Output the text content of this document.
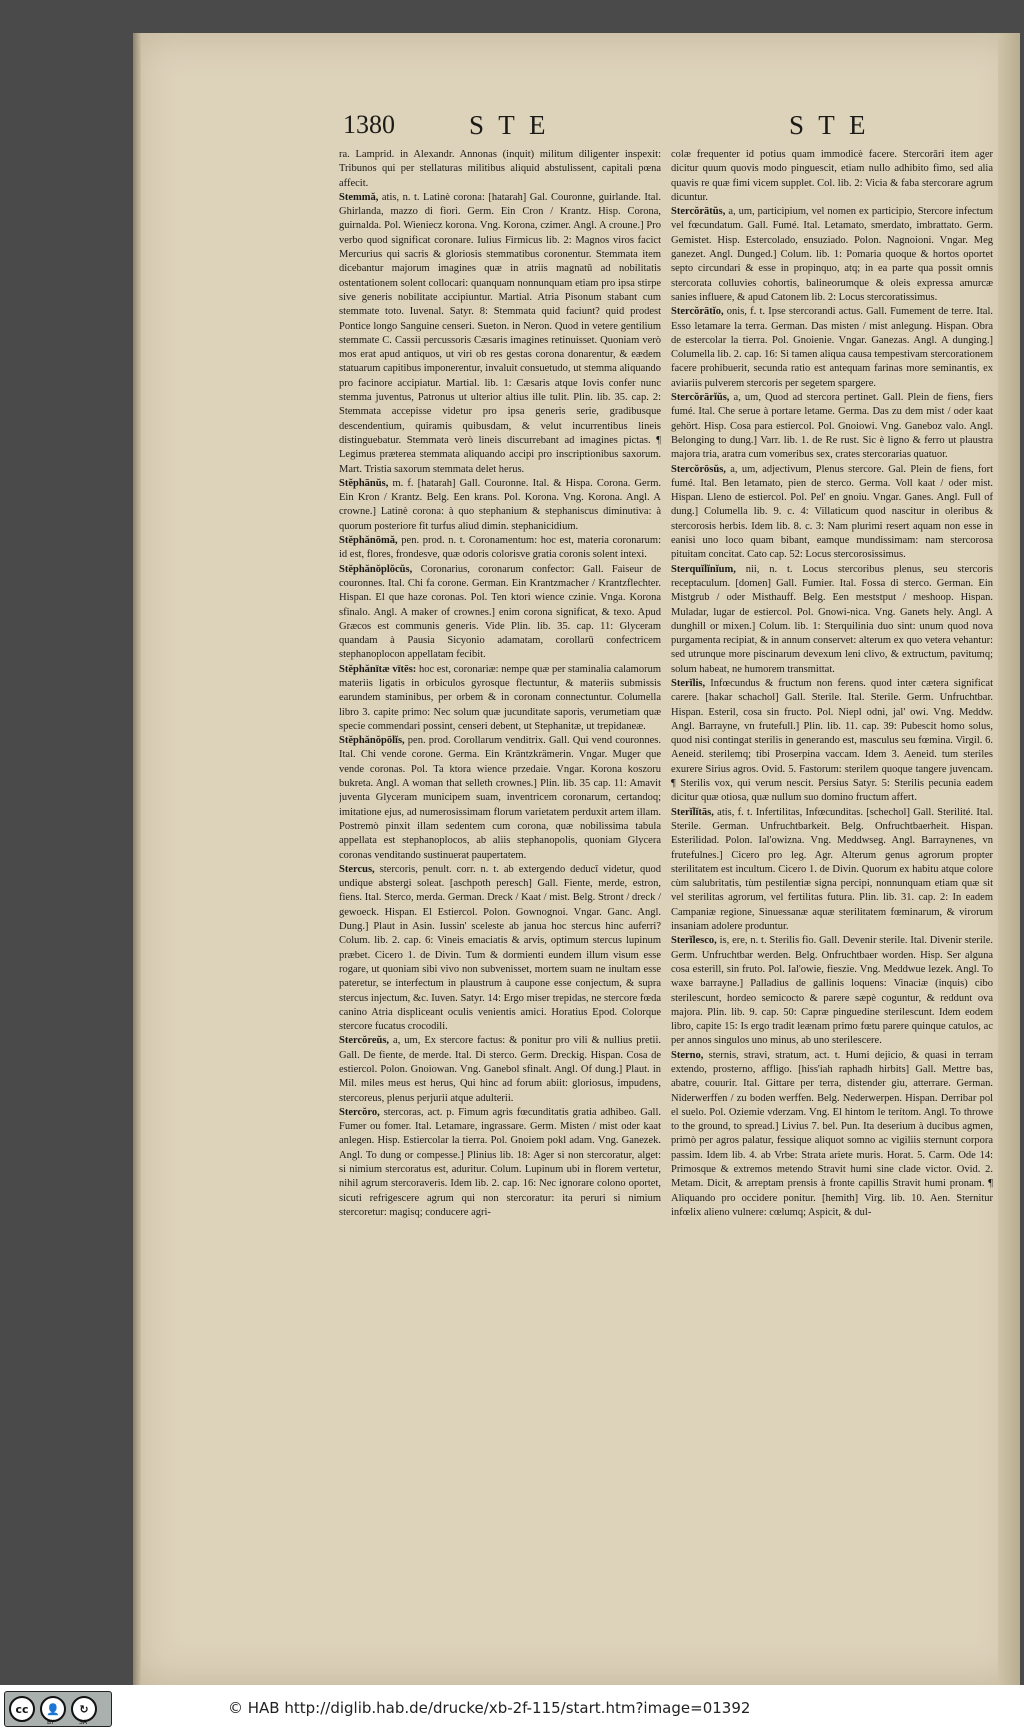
1380	S T E	S T E

ra. Lamprid. in Alexandr. Annonas (inquit) militum diligenter inspexit: Tribunos qui per stellaturas militibus aliquid abstulissent, capitali pœna affecit.

Stemmă, atis, n. t. Latinè corona: [hatarah] Gal. Couronne, guirlande. Ital. Ghirlanda, mazzo di fiori. Germ. Ein Cron / Krantz. Hisp. Corona, guirnalda. Pol. Wieniecz korona. Vng. Korona, czimer. Angl. A croune.] Pro verbo quod significat coronare. Iulius Firmicus lib. 2: Magnos viros facict Mercurius qui sacris & gloriosis stemmatibus coronentur. Stemmata item dicebantur majorum imagines quæ in atriis magnatū ad nobilitatis ostentationem solent collocari: quanquam nonnunquam etiam pro ipsa stirpe sive generis nobilitate accipiuntur. Martial. Atria Pisonum stabant cum stemmate toto. Iuvenal. Satyr. 8: Stemmata quid faciunt? quid prodest Pontice longo Sanguine censeri. Sueton. in Neron. Quod in vetere gentilium stemmate C. Cassii percussoris Cæsaris imagines retinuisset. Quoniam verò mos erat apud antiquos, ut viri ob res gestas corona donarentur, & eædem statuarum capitibus imponerentur, invaluit consuetudo, ut stemma aliquando pro facinore accipiatur. Martial. lib. 1: Cæsaris atque Iovis confer nunc stemma juventus, Patronus ut ulterior altius ille tulit. Plin. lib. 35. cap. 2: Stemmata accepisse videtur pro ipsa generis serie, gradibusque descendentium, quiramis quibusdam, & velut incurrentibus lineis distinguebatur. Stemmata verò lineis discurrebant ad imagines pictas. ¶ Legimus præterea stemmata aliquando accipi pro inscriptionibus saxorum. Mart. Tristia saxorum stemmata delet herus.

Stĕphānŭs, m. f. [hatarah] Gall. Couronne. Ital. & Hispa. Corona. Germ. Ein Kron / Krantz. Belg. Een krans. Pol. Korona. Vng. Korona. Angl. A crowne.] Latinè corona: à quo stephanium & stephaniscus diminutiva: à quorum posteriore fit turfus aliud dimin. stephanicidium.

Stĕphănōmă, pen. prod. n. t. Coronamentum: hoc est, materia coronarum: id est, flores, frondesve, quæ odoris colorisve gratia coronis solent intexi.

Stĕphănŏplŏcŭs, Coronarius, coronarum confector: Gall. Faiseur de couronnes. Ital. Chi fa corone. German. Ein Krantzmacher / Krantzflechter. Hispan. El que haze coronas. Pol. Ten ktori wience czinie. Vnga. Korona sfinalo. Angl. A maker of crownes.] enim corona significat, & texo. Apud Græcos est communis generis. Vide Plin. lib. 35. cap. 11: Glyceram quandam à Pausia Sicyonio adamatam, corollarū confectricem stephanoplocon appellatam fecibit.

Stĕphănītæ vītēs: hoc est, coronariæ: nempe quæ per staminalia calamorum materiis ligatis in orbiculos gyrosque flectuntur, & materiis submissis earundem staminibus, per orbem & in coronam connectuntur. Columella libro 3. capite primo: Nec solum quæ jucunditate saporis, verumetiam quæ specie commendari possint, censeri debent, ut Stephanitæ, ut trepidaneæ.

Stĕphănŏpōlĭs, pen. prod. Corollarum venditrix. Gall. Qui vend couronnes. Ital. Chi vende corone. Germa. Ein Kräntzkrämerin. Vngar. Muger que vende coronas. Pol. Ta ktora wience przedaie. Vngar. Korona koszoru bukreta. Angl. A woman that selleth crownes.] Plin. lib. 35 cap. 11: Amavit juventa Glyceram municipem suam, inventricem coronarum, certandoq; imitatione ejus, ad numerosissimam florum varietatem perduxit artem illam. Postremò pinxit illam sedentem cum corona, quæ nobilissima tabula appellata est stephanoplocos, ab aliis stephanopolis, quoniam Glycera coronas venditando sustinuerat paupertatem.

Stercus, stercoris, penult. corr. n. t. ab extergendo deducī videtur, quod undique abstergi soleat. [aschpoth peresch] Gall. Fiente, merde, estron, fiens. Ital. Sterco, merda. German. Dreck / Kaat / mist. Belg. Stront / dreck / gewoeck. Hispan. El Estiercol. Polon. Gownognoi. Vngar. Ganc. Angl. Dung.] Plaut in Asin. Iussin' sceleste ab janua hoc stercus hinc auferri? Colum. lib. 2. cap. 6: Vineis emaciatis & arvis, optimum stercus lupinum præbet. Cicero 1. de Divin. Tum & dormienti eundem illum visum esse rogare, ut quoniam sibi vivo non subvenisset, mortem suam ne inultam esse pateretur, se interfectum in plaustrum à caupone esse conjectum, & supra stercus injectum, &c. Iuven. Satyr. 14: Ergo miser trepidas, ne stercore fœda canino Atria displiceant oculis venientis amici. Horatius Epod. Colorque stercore fucatus crocodili.

Stercŏreŭs, a, um, Ex stercore factus: & ponitur pro vili & nullius pretii. Gall. De fiente, de merde. Ital. Di sterco. Germ. Dreckig. Hispan. Cosa de estiercol. Polon. Gnoiowan. Vng. Ganebol sfinalt. Angl. Of dung.] Plaut. in Mil. miles meus est herus, Qui hinc ad forum abiit: gloriosus, impudens, stercoreus, plenus perjurii atque adulterii.

Stercŏro, stercoras, act. p. Fimum agris fœcunditatis gratia adhibeo. Gall. Fumer ou fomer. Ital. Letamare, ingrassare. Germ. Misten / mist oder kaat anlegen. Hisp. Estiercolar la tierra. Pol. Gnoiem pokl adam. Vng. Ganezek. Angl. To dung or compesse.] Plinius lib. 18: Ager si non stercoratur, alget: si nimium stercoratus est, aduritur. Colum. Lupinum ubi in florem vertetur, nihil agrum stercoraveris. Idem lib. 2. cap. 16: Nec ignorare colono oportet, sicuti refrigescere agrum qui non stercoratur: ita peruri si nimium stercoretur: magisq; conducere agri-

colæ frequenter id potius quam immodicè facere. Stercorāri item ager dicitur quum quovis modo pinguescit, etiam nullo adhibito fimo, sed alia quavis re quæ fimi vicem supplet. Col. lib. 2: Vicia & faba stercorare agrum dicuntur.

Stercŏrātŭs, a, um, participium, vel nomen ex participio, Stercore infectum vel fœcundatum. Gall. Fumé. Ital. Letamato, smerdato, imbrattato. Germ. Gemistet. Hisp. Estercolado, ensuziado. Polon. Nagnoioni. Vngar. Meg ganezet. Angl. Dunged.] Colum. lib. 1: Pomaria quoque & hortos oportet septo circundari & esse in propinquo, atq; in ea parte qua possit omnis stercorata colluvies cohortis, balineorumque & oleis expressa amurcæ sanies influere, & apud Catonem lib. 2: Locus stercoratissimus.

Stercŏrātĭo, onis, f. t. Ipse stercorandi actus. Gall. Fumement de terre. Ital. Esso letamare la terra. German. Das misten / mist anlegung. Hispan. Obra de estercolar la tierra. Pol. Gnoienie. Vngar. Ganezas. Angl. A dunging.] Columella lib. 2. cap. 16: Si tamen aliqua causa tempestivam stercorationem facere prohibuerit, secunda ratio est antequam farinas more seminantis, ex aviariis pulverem stercoris per segetem spargere.

Stercŏrārĭŭs, a, um, Quod ad stercora pertinet. Gall. Plein de fiens, fiers fumé. Ital. Che serue à portare letame. Germa. Das zu dem mist / oder kaat gehört. Hisp. Cosa para estiercol. Pol. Gnoiowi. Vng. Ganeboz valo. Angl. Belonging to dung.] Varr. lib. 1. de Re rust. Sic è ligno & ferro ut plaustra majora tria, aratra cum vomeribus sex, crates stercorarias quatuor.

Stercŏrōsŭs, a, um, adjectivum, Plenus stercore. Gal. Plein de fiens, fort fumé. Ital. Ben letamato, pien de sterco. Germa. Voll kaat / oder mist. Hispan. Lleno de estiercol. Pol. Pel' en gnoiu. Vngar. Ganes. Angl. Full of dung.] Columella lib. 9. c. 4: Villaticum quod nascitur in oleribus & stercorosis herbis. Idem lib. 8. c. 3: Nam plurimi resert aquam non esse in eanisi uno loco quam bibant, eamque mundissimam: nam stercorosa pituitam concitat. Cato cap. 52: Locus stercorosissimus.

Sterquĭlĭnĭum, nii, n. t. Locus stercoribus plenus, seu stercoris receptaculum. [domen] Gall. Fumier. Ital. Fossa di sterco. German. Ein Mistgrub / oder Misthauff. Belg. Een meststput / meshoop. Hispan. Muladar, lugar de estiercol. Pol. Gnowi-nica. Vng. Ganets hely. Angl. A dunghill or mixen.] Colum. lib. 1: Sterquilinia duo sint: unum quod nova purgamenta recipiat, & in annum conservet: alterum ex quo vetera vehantur: sed utrunque more piscinarum devexum leni clivo, & extructum, pavitumq; solum habeat, ne humorem transmittat.

Sterĭlis, Infœcundus & fructum non ferens. quod inter cætera significat carere. [hakar schachol] Gall. Sterile. Ital. Sterile. Germ. Unfruchtbar. Hispan. Esteril, cosa sin fructo. Pol. Niepl odni, jal' owi. Vng. Meddw. Angl. Barrayne, vn frutefull.] Plin. lib. 11. cap. 39: Pubescit homo solus, quod nisi contingat sterilis in generando est, masculus seu fœmina. Virgil. 6. Aeneid. sterilemq; tibi Proserpina vaccam. Idem 3. Aeneid. tum steriles exurere Sirius agros. Ovid. 5. Fastorum: sterilem quoque tangere juvencam. ¶ Sterilis vox, qui verum nescit. Persius Satyr. 5: Sterilis pecunia eadem dicitur quæ otiosa, quæ nullum suo domino fructum affert.

Sterĭlĭtās, atis, f. t. Infertilitas, Infœcunditas. [schechol] Gall. Sterilité. Ital. Sterile. German. Unfruchtbarkeit. Belg. Onfruchtbaerheit. Hispan. Esterilidad. Polon. Ial'owizna. Vng. Meddwseg. Angl. Barraynenes, vn frutefulnes.] Cicero pro leg. Agr. Alterum genus agrorum propter sterilitatem est incultum. Cicero 1. de Divin. Quorum ex habitu atque colore cùm salubritatis, tùm pestilentiæ signa percipi, nonnunquam etiam quæ sit vel sterilitas agrorum, vel fertilitas futura. Plin. lib. 31. cap. 2: In eadem Campaniæ regione, Sinuessanæ aquæ sterilitatem fœminarum, & virorum insaniam adolere produntur.

Sterĭlesco, is, ere, n. t. Sterilis fio. Gall. Devenir sterile. Ital. Divenir sterile. Germ. Unfruchtbar werden. Belg. Onfruchtbaer worden. Hisp. Ser alguna cosa esterill, sin fruto. Pol. Ial'owie, fieszie. Vng. Meddwue lezek. Angl. To waxe barrayne.] Palladius de gallinis loquens: Vinaciæ (inquis) cibo sterilescunt, hordeo semicocto & parere sæpè coguntur, & reddunt ova majora. Plin. lib. 9. cap. 50: Capræ pinguedine sterilescunt. Idem eodem libro, capite 15: Is ergo tradit leænam primo fœtu parere quinque catulos, ac per annos singulos uno minus, ab uno sterilescere.

Sterno, sternis, stravi, stratum, act. t. Humi dejicio, & quasi in terram extendo, prosterno, affligo. [hiss'iah raphadh hirbits] Gall. Mettre bas, abatre, couurir. Ital. Gittare per terra, distender giu, atterrare. German. Niderwerffen / zu boden werffen. Belg. Nederwerpen. Hispan. Derribar pol el suelo. Pol. Oziemie vderzam. Vng. El hintom le terítom. Angl. To throwe to the ground, to spread.] Livius 7. bel. Pun. Ita deserium à ducibus agmen, primò per agros palatur, fessique aliquot somno ac vigiliis sternunt corpora passim. Idem lib. 4. ab Vrbe: Strata ariete muris. Horat. 5. Carm. Ode 14: Primosque & extremos metendo Stravit humi sine clade victor. Ovid. 2. Metam. Dicit, & arreptam prensis à fronte capillis Stravit humi pronam. ¶ Aliquando pro occidere ponitur. [hemith] Virg. lib. 10. Aen. Sternitur infœlix alieno vulnere: cœlumq; Aspicit, & dul-

cc	👤	↻
BY	SA
© HAB http://diglib.hab.de/drucke/xb-2f-115/start.htm?image=01392
